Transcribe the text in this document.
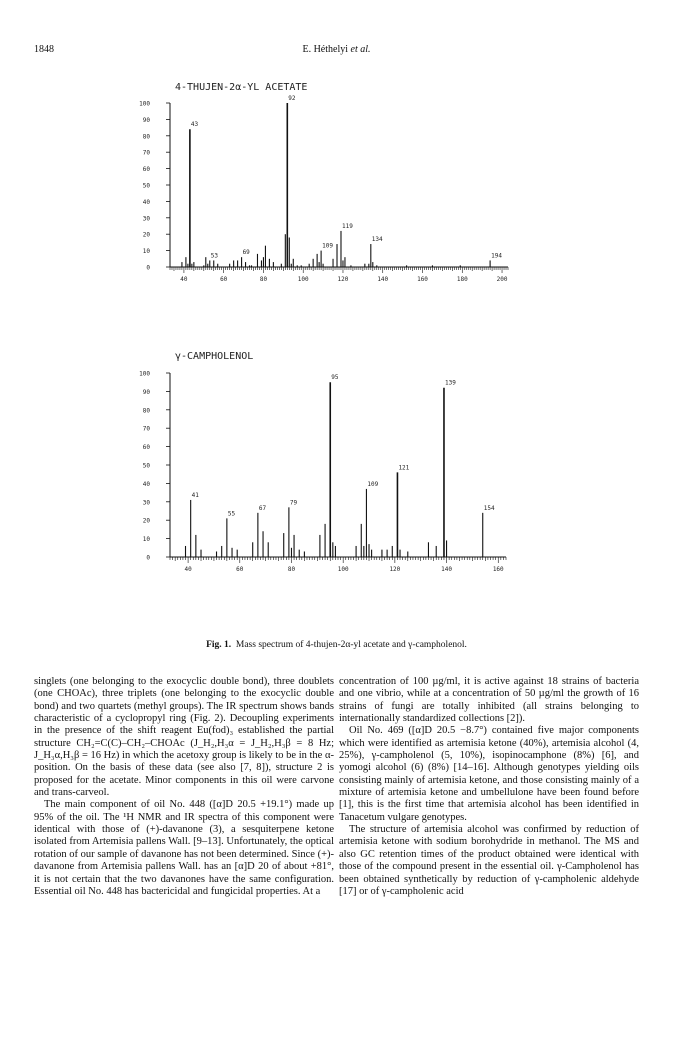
1848	E. Héthelyi et al.
4-THUJEN-2α-YL ACETATE
0
10
20
30
40
50
60
70
80
90
100
40	60	80	100	120	140	160	180	200
43
53	69
92
109
119
134
194
γ-CAMPHOLENOL
0
10
20
30
40
50
60
70
80
90
100
40	60	80	100	120	140	160
41
55
67
79
95
109
121
139
154
Fig. 1. Mass spectrum of 4-thujen-2α-yl acetate and γ-campholenol.

singlets (one belonging to the exocyclic double bond), three doublets (one CHOAc), three triplets (one belonging to the exocyclic double bond) and two quartets (methyl groups). The IR spectrum shows bands characteristic of a cyclopropyl ring (Fig. 2). Decoupling experiments in the presence of the shift reagent Eu(fod)₃ established the partial structure CH₂=C(C)–CH₂–CHOAc (J_H₂,H₃α = J_H₂,H₃β = 8 Hz; J_H₃α,H₃β = 16 Hz) in which the acetoxy group is likely to be in the α-position. On the basis of these data (see also [7, 8]), structure 2 is proposed for the acetate. Minor components in this oil were carvone and trans-carveol.

The main component of oil No. 448 ([α]D 20.5 +19.1°) made up 95% of the oil. The ¹H NMR and IR spectra of this component were identical with those of (+)-davanone (3), a sesquiterpene ketone isolated from Artemisia pallens Wall. [9–13]. Unfortunately, the optical rotation of our sample of davanone has not been determined. Since (+)-davanone from Artemisia pallens Wall. has an [α]D 20 of about +81°, it is not certain that the two davanones have the same configuration. Essential oil No. 448 has bactericidal and fungicidal properties. At a

concentration of 100 µg/ml, it is active against 18 strains of bacteria and one vibrio, while at a concentration of 50 µg/ml the growth of 16 strains of fungi are totally inhibited (all strains belonging to internationally standardized collections [2]).

Oil No. 469 ([α]D 20.5 −8.7°) contained five major components which were identified as artemisia ketone (40%), artemisia alcohol (4, 25%), γ-campholenol (5, 10%), isopinocamphone (8%) [6], and yomogi alcohol (6) (8%) [14–16]. Although genotypes yielding oils consisting mainly of artemisia ketone, and those consisting mainly of a mixture of artemisia ketone and umbellulone have been found before [1], this is the first time that artemisia alcohol has been identified in Tanacetum vulgare genotypes.

The structure of artemisia alcohol was confirmed by reduction of artemisia ketone with sodium borohydride in methanol. The MS and also GC retention times of the product obtained were identical with those of the compound present in the essential oil. γ-Campholenol has been obtained synthetically by reduction of γ-campholenic aldehyde [17] or of γ-campholenic acid
